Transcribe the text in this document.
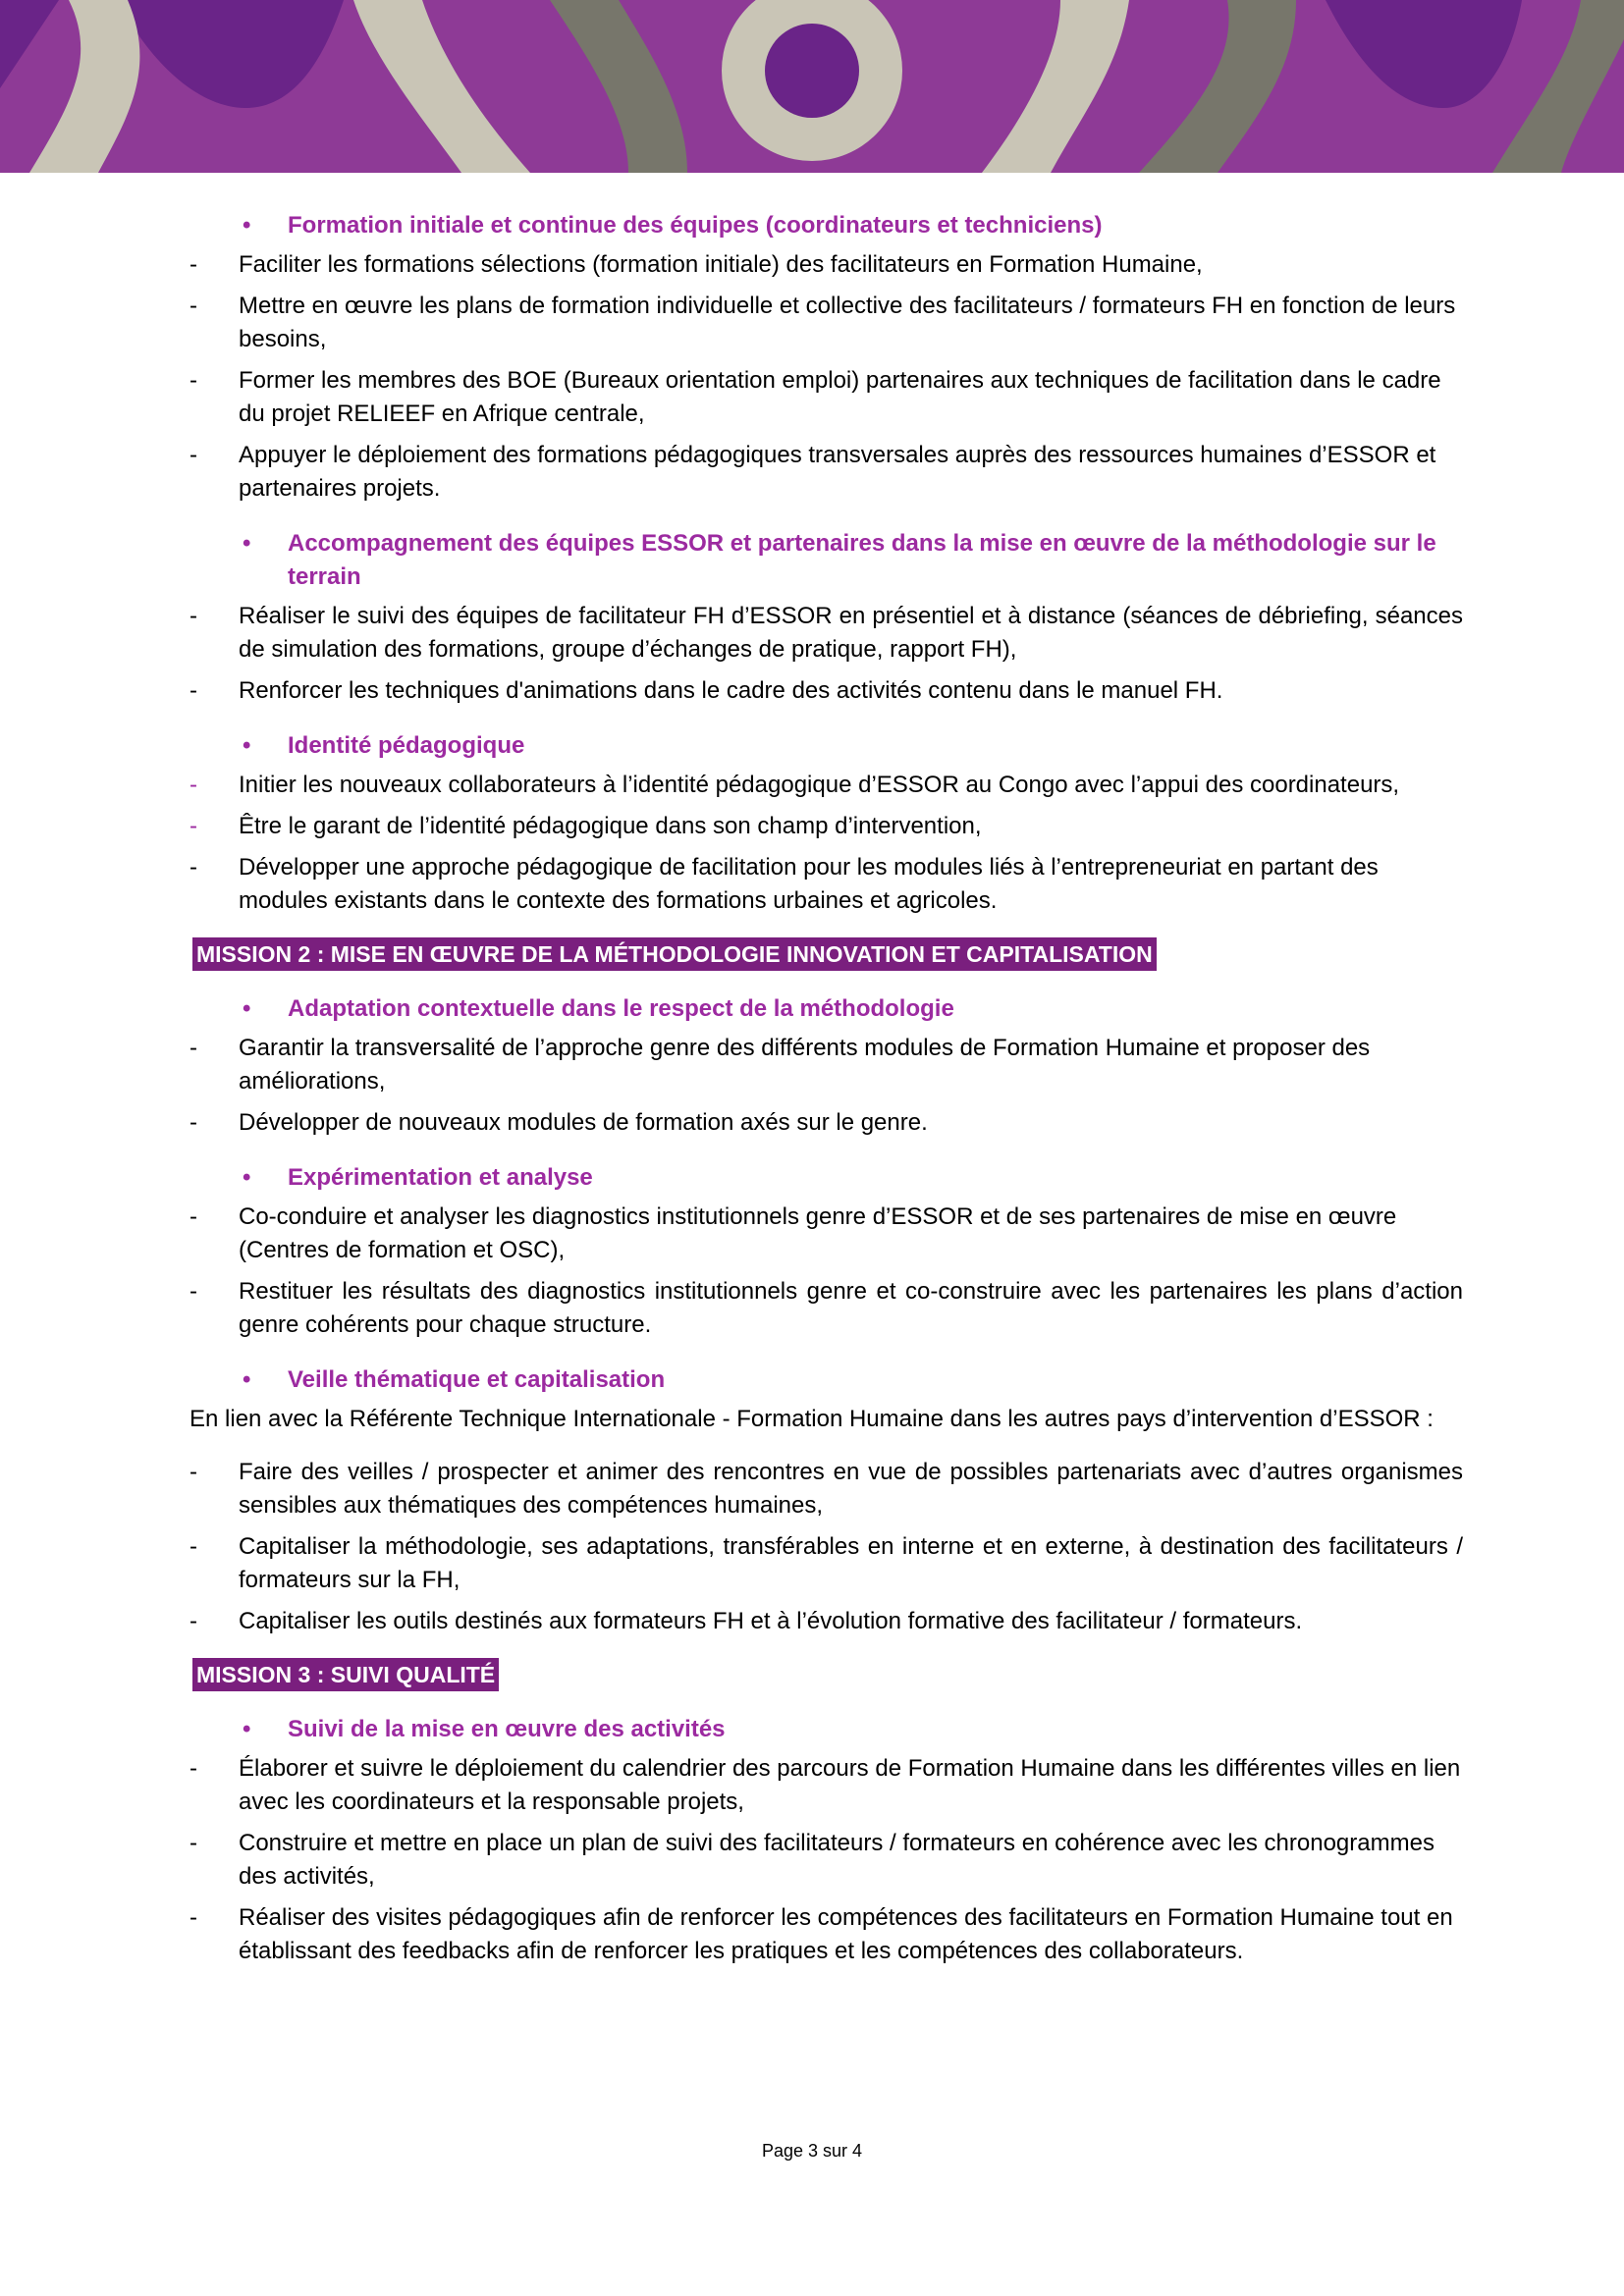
• Formation initiale et continue des équipes (coordinateurs et techniciens)
- Faciliter les formations sélections (formation initiale) des facilitateurs en Formation Humaine,
- Mettre en œuvre les plans de formation individuelle et collective des facilitateurs / formateurs FH en fonction de leurs besoins,
- Former les membres des BOE (Bureaux orientation emploi) partenaires aux techniques de facilitation dans le cadre du projet RELIEEF en Afrique centrale,
- Appuyer le déploiement des formations pédagogiques transversales auprès des ressources humaines d’ESSOR et partenaires projets.
• Accompagnement des équipes ESSOR et partenaires dans la mise en œuvre de la méthodologie sur le terrain
- Réaliser le suivi des équipes de facilitateur FH d’ESSOR en présentiel et à distance (séances de débriefing, séances de simulation des formations, groupe d’échanges de pratique, rapport FH),
- Renforcer les techniques d'animations dans le cadre des activités contenu dans le manuel FH.
• Identité pédagogique
- Initier les nouveaux collaborateurs à l’identité pédagogique d’ESSOR au Congo avec l’appui des coordinateurs,
- Être le garant de l’identité pédagogique dans son champ d’intervention,
- Développer une approche pédagogique de facilitation pour les modules liés à l’entrepreneuriat en partant des modules existants dans le contexte des formations urbaines et agricoles.
MISSION 2 : MISE EN ŒUVRE DE LA MÉTHODOLOGIE INNOVATION ET CAPITALISATION
• Adaptation contextuelle dans le respect de la méthodologie
- Garantir la transversalité de l’approche genre des différents modules de Formation Humaine et proposer des améliorations,
- Développer de nouveaux modules de formation axés sur le genre.
• Expérimentation et analyse
- Co-conduire et analyser les diagnostics institutionnels genre d’ESSOR et de ses partenaires de mise en œuvre (Centres de formation et OSC),
- Restituer les résultats des diagnostics institutionnels genre et co-construire avec les partenaires les plans d’action genre cohérents pour chaque structure.
• Veille thématique et capitalisation
En lien avec la Référente Technique Internationale - Formation Humaine dans les autres pays d’intervention d’ESSOR :
- Faire des veilles / prospecter et animer des rencontres en vue de possibles partenariats avec d’autres organismes sensibles aux thématiques des compétences humaines,
- Capitaliser la méthodologie, ses adaptations, transférables en interne et en externe, à destination des facilitateurs / formateurs sur la FH,
- Capitaliser les outils destinés aux formateurs FH et à l’évolution formative des facilitateur / formateurs.
MISSION 3 : SUIVI QUALITÉ
• Suivi de la mise en œuvre des activités
- Élaborer et suivre le déploiement du calendrier des parcours de Formation Humaine dans les différentes villes en lien avec les coordinateurs et la responsable projets,
- Construire et mettre en place un plan de suivi des facilitateurs / formateurs en cohérence avec les chronogrammes des activités,
- Réaliser des visites pédagogiques afin de renforcer les compétences des facilitateurs en Formation Humaine tout en établissant des feedbacks afin de renforcer les pratiques et les compétences des collaborateurs.
Page 3 sur 4
